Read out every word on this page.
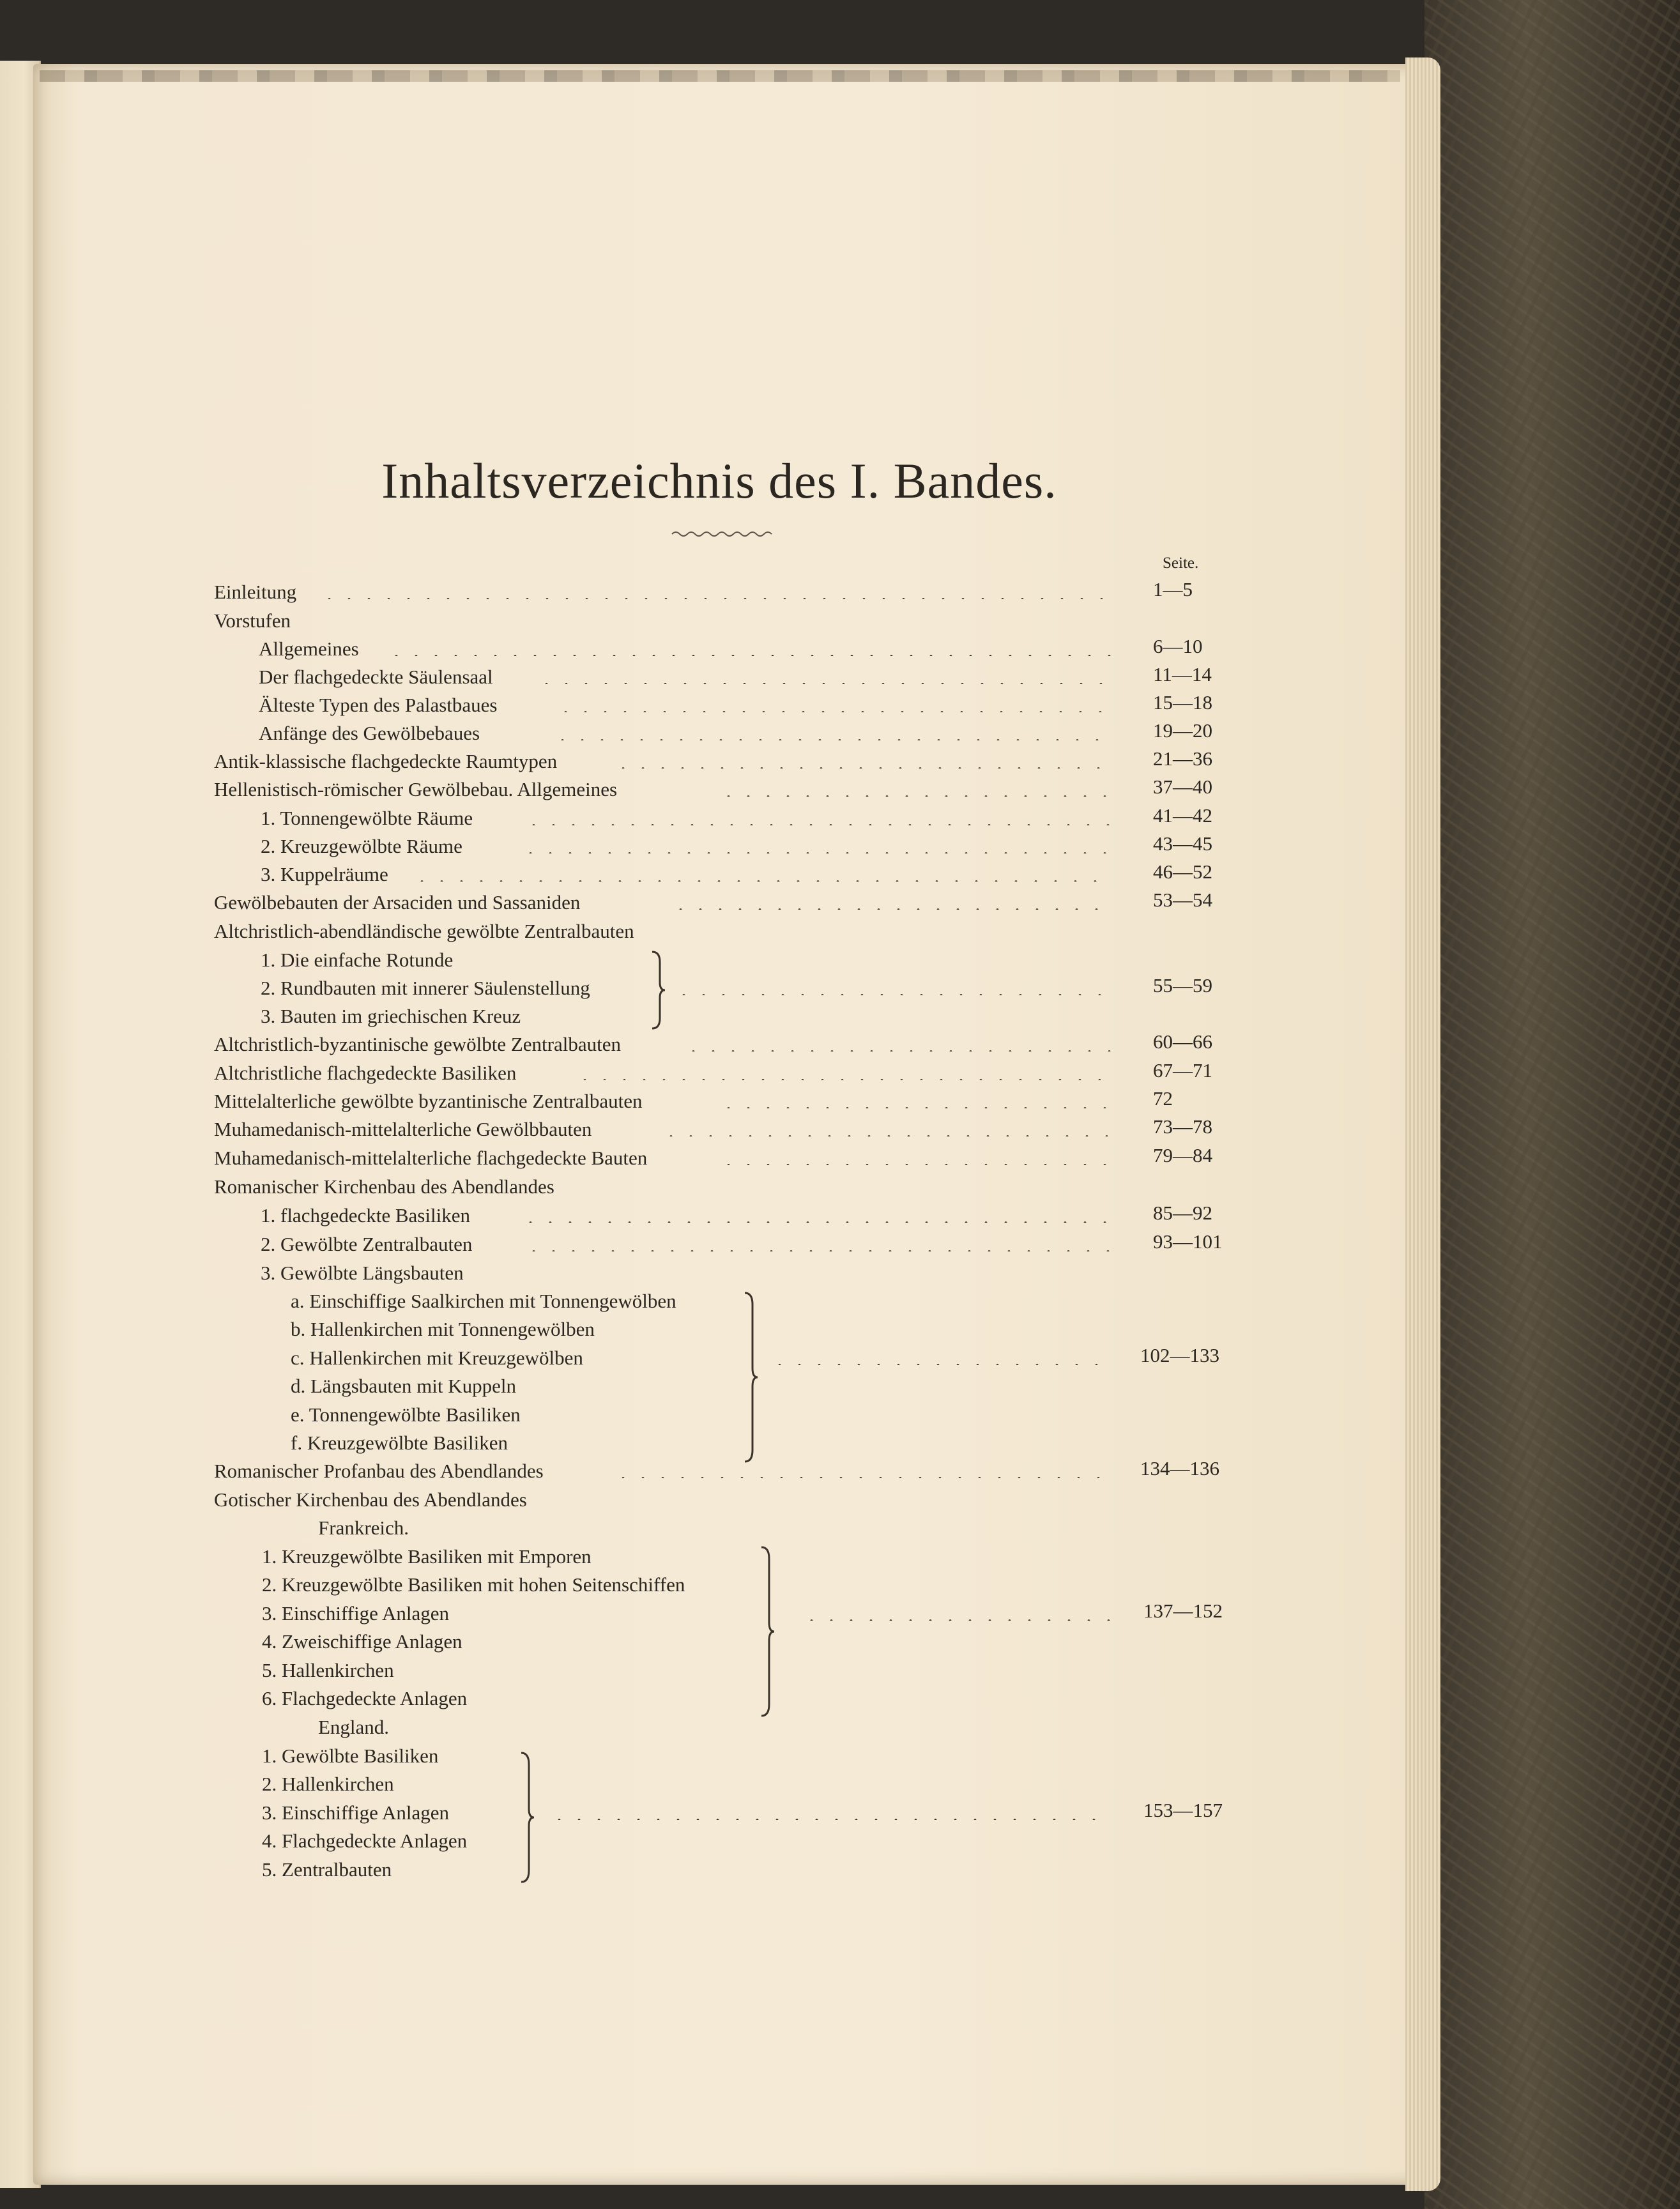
Inhaltsverzeichnis des I. Bandes.
Seite.
Einleitung	1—5
Vorstufen
Allgemeines	6—10
Der flachgedeckte Säulensaal	11—14
Älteste Typen des Palastbaues	15—18
Anfänge des Gewölbebaues	19—20
Antik-klassische flachgedeckte Raumtypen	21—36
Hellenistisch-römischer Gewölbebau. Allgemeines	37—40
1. Tonnengewölbte Räume	41—42
2. Kreuzgewölbte Räume	43—45
3. Kuppelräume	46—52
Gewölbebauten der Arsaciden und Sassaniden	53—54
Altchristlich-abendländische gewölbte Zentralbauten
1. Die einfache Rotunde
2. Rundbauten mit innerer Säulenstellung	55—59
3. Bauten im griechischen Kreuz
Altchristlich-byzantinische gewölbte Zentralbauten	60—66
Altchristliche flachgedeckte Basiliken	67—71
Mittelalterliche gewölbte byzantinische Zentralbauten	72
Muhamedanisch-mittelalterliche Gewölbbauten	73—78
Muhamedanisch-mittelalterliche flachgedeckte Bauten	79—84
Romanischer Kirchenbau des Abendlandes
1. flachgedeckte Basiliken	85—92
2. Gewölbte Zentralbauten	93—101
3. Gewölbte Längsbauten
a. Einschiffige Saalkirchen mit Tonnengewölben
b. Hallenkirchen mit Tonnengewölben
c. Hallenkirchen mit Kreuzgewölben	102—133
d. Längsbauten mit Kuppeln
e. Tonnengewölbte Basiliken
f. Kreuzgewölbte Basiliken
Romanischer Profanbau des Abendlandes	134—136
Gotischer Kirchenbau des Abendlandes
Frankreich.
1. Kreuzgewölbte Basiliken mit Emporen
2. Kreuzgewölbte Basiliken mit hohen Seitenschiffen
3. Einschiffige Anlagen	137—152
4. Zweischiffige Anlagen
5. Hallenkirchen
6. Flachgedeckte Anlagen
England.
1. Gewölbte Basiliken
2. Hallenkirchen
3. Einschiffige Anlagen	153—157
4. Flachgedeckte Anlagen
5. Zentralbauten
